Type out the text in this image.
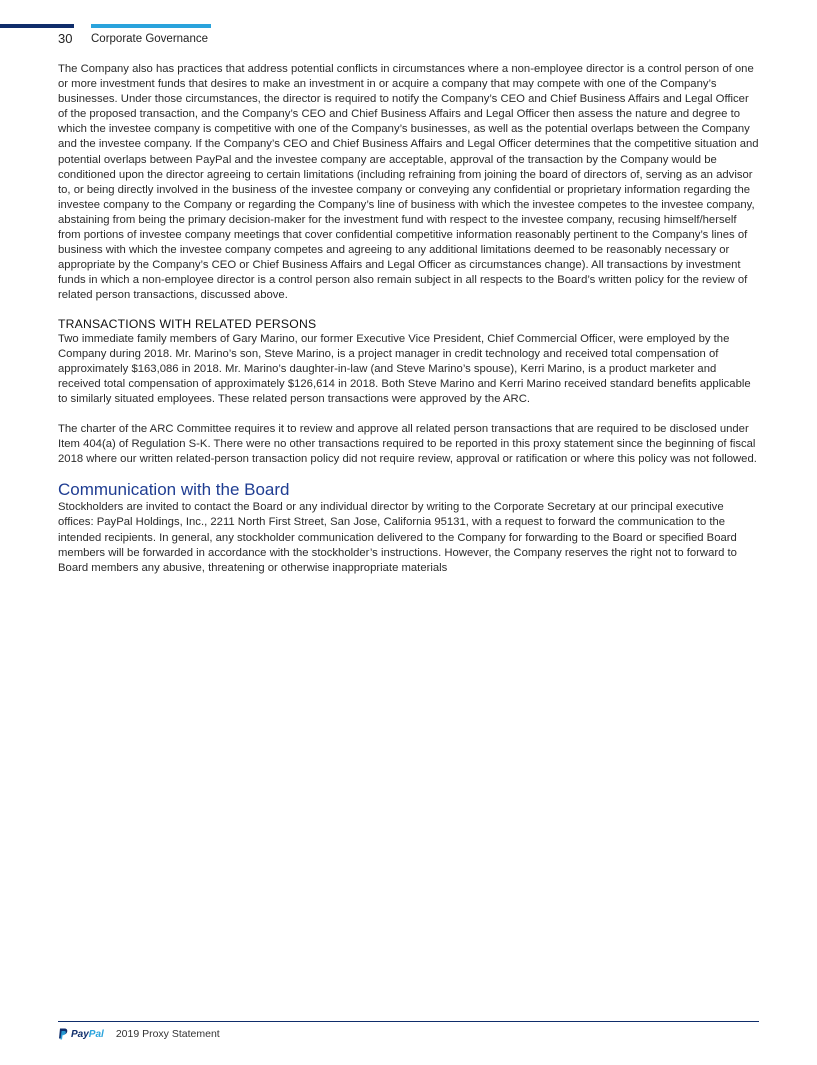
30 Corporate Governance

The Company also has practices that address potential conflicts in circumstances where a non-employee director is a control person of one or more investment funds that desires to make an investment in or acquire a company that may compete with one of the Company’s businesses. Under those circumstances, the director is required to notify the Company’s CEO and Chief Business Affairs and Legal Officer of the proposed transaction, and the Company’s CEO and Chief Business Affairs and Legal Officer then assess the nature and degree to which the investee company is competitive with one of the Company’s businesses, as well as the potential overlaps between the Company and the investee company. If the Company’s CEO and Chief Business Affairs and Legal Officer determines that the competitive situation and potential overlaps between PayPal and the investee company are acceptable, approval of the transaction by the Company would be conditioned upon the director agreeing to certain limitations (including refraining from joining the board of directors of, serving as an advisor to, or being directly involved in the business of the investee company or conveying any confidential or proprietary information regarding the investee company to the Company or regarding the Company’s line of business with which the investee competes to the investee company, abstaining from being the primary decision-maker for the investment fund with respect to the investee company, recusing himself/herself from portions of investee company meetings that cover confidential competitive information reasonably pertinent to the Company’s lines of business with which the investee company competes and agreeing to any additional limitations deemed to be reasonably necessary or appropriate by the Company’s CEO or Chief Business Affairs and Legal Officer as circumstances change). All transactions by investment funds in which a non-employee director is a control person also remain subject in all respects to the Board’s written policy for the review of related person transactions, discussed above.

TRANSACTIONS WITH RELATED PERSONS

Two immediate family members of Gary Marino, our former Executive Vice President, Chief Commercial Officer, were employed by the Company during 2018. Mr. Marino’s son, Steve Marino, is a project manager in credit technology and received total compensation of approximately $163,086 in 2018. Mr. Marino’s daughter-in-law (and Steve Marino’s spouse), Kerri Marino, is a product marketer and received total compensation of approximately $126,614 in 2018. Both Steve Marino and Kerri Marino received standard benefits applicable to similarly situated employees. These related person transactions were approved by the ARC.

The charter of the ARC Committee requires it to review and approve all related person transactions that are required to be disclosed under Item 404(a) of Regulation S-K. There were no other transactions required to be reported in this proxy statement since the beginning of fiscal 2018 where our written related-person transaction policy did not require review, approval or ratification or where this policy was not followed.

Communication with the Board

Stockholders are invited to contact the Board or any individual director by writing to the Corporate Secretary at our principal executive offices: PayPal Holdings, Inc., 2211 North First Street, San Jose, California 95131, with a request to forward the communication to the intended recipients. In general, any stockholder communication delivered to the Company for forwarding to the Board or specified Board members will be forwarded in accordance with the stockholder’s instructions. However, the Company reserves the right not to forward to Board members any abusive, threatening or otherwise inappropriate materials

PayPal 2019 Proxy Statement
